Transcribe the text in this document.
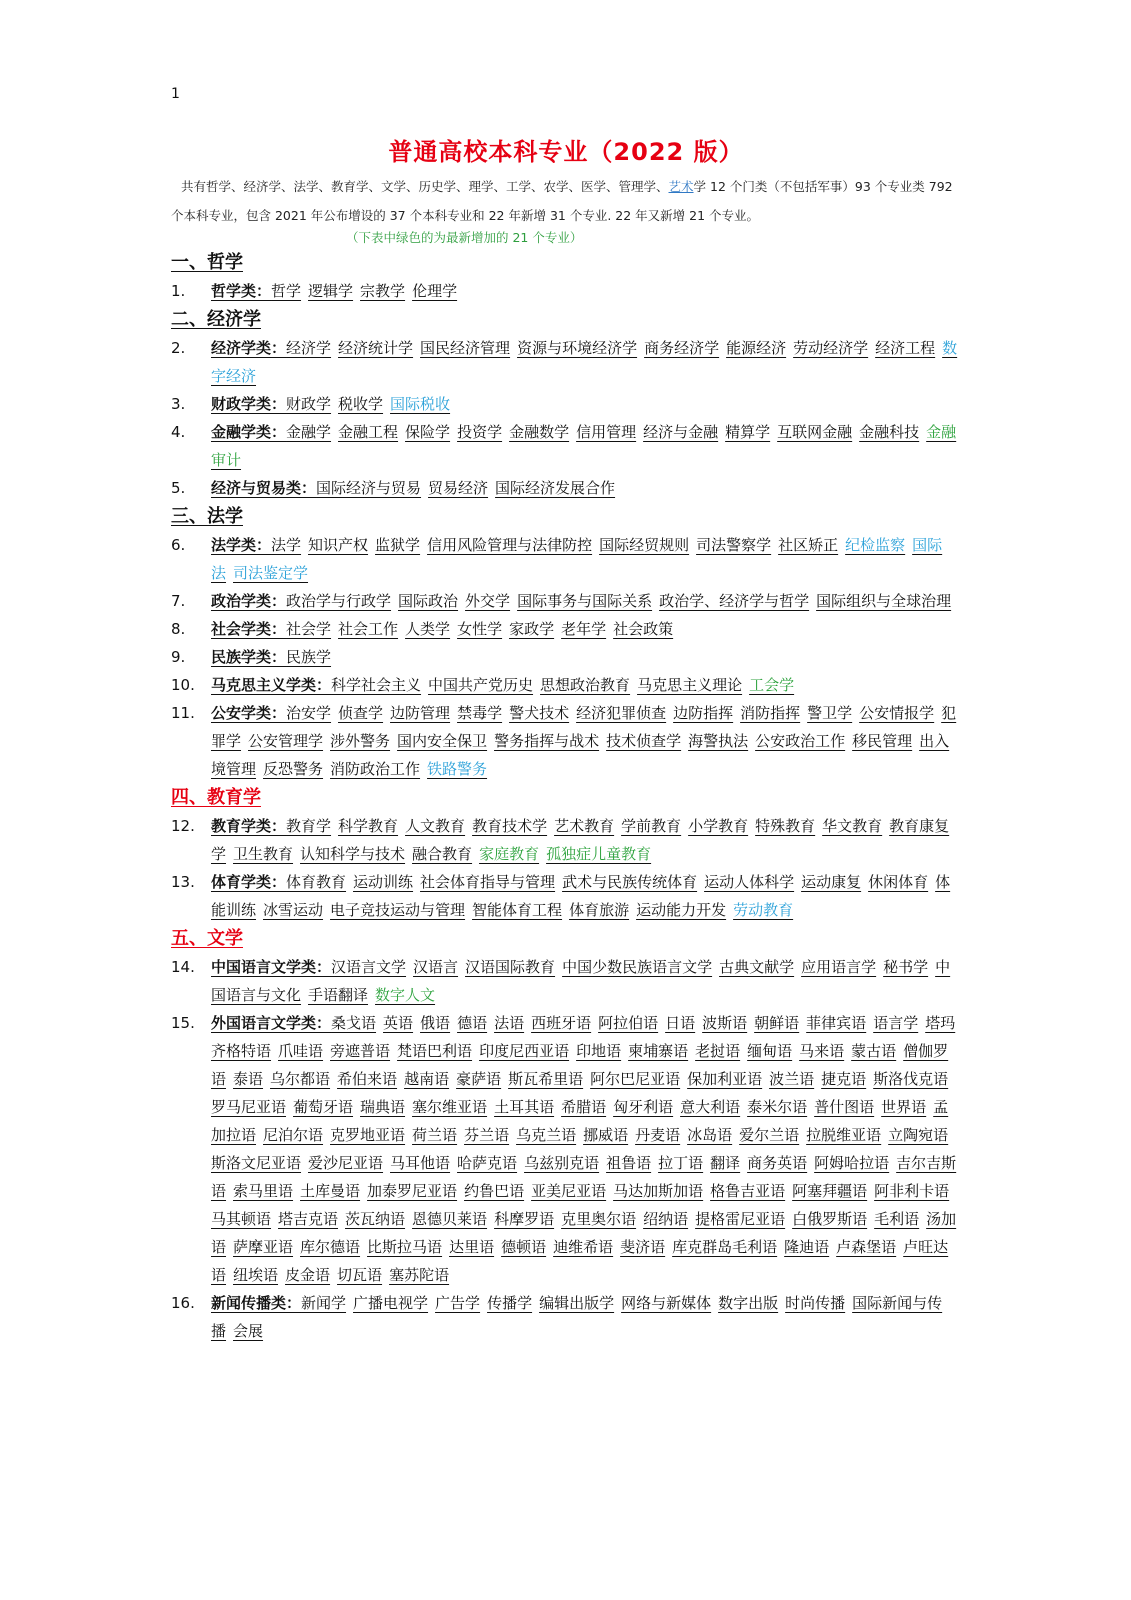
1
普通高校本科专业（2022 版）
共有哲学、经济学、法学、教育学、文学、历史学、理学、工学、农学、医学、管理学、艺术学 12 个门类（不包括军事）93 个专业类 792 个本科专业，包含 2021 年公布增设的 37 个本科专业和 22 年新增 31 个专业. 22 年又新增 21 个专业。
（下表中绿色的为最新增加的 21 个专业）
一、哲学
1.	哲学类：哲学 逻辑学 宗教学 伦理学
二、经济学
2.	经济学类：经济学 经济统计学 国民经济管理 资源与环境经济学 商务经济学 能源经济 劳动经济学 经济工程 数字经济
3.	财政学类：财政学 税收学 国际税收
4.	金融学类：金融学 金融工程 保险学 投资学 金融数学 信用管理 经济与金融 精算学 互联网金融 金融科技 金融审计
5.	经济与贸易类：国际经济与贸易 贸易经济 国际经济发展合作
三、法学
6.	法学类：法学 知识产权 监狱学 信用风险管理与法律防控 国际经贸规则 司法警察学 社区矫正 纪检监察 国际法 司法鉴定学
7.	政治学类：政治学与行政学 国际政治 外交学 国际事务与国际关系 政治学、经济学与哲学 国际组织与全球治理
8.	社会学类：社会学 社会工作 人类学 女性学 家政学 老年学 社会政策
9.	民族学类：民族学
10.	马克思主义学类：科学社会主义 中国共产党历史 思想政治教育 马克思主义理论 工会学
11.	公安学类：治安学 侦查学 边防管理 禁毒学 警犬技术 经济犯罪侦查 边防指挥 消防指挥 警卫学 公安情报学 犯罪学 公安管理学 涉外警务 国内安全保卫 警务指挥与战术 技术侦查学 海警执法 公安政治工作 移民管理 出入境管理 反恐警务 消防政治工作 铁路警务
四、教育学
12.	教育学类：教育学 科学教育 人文教育 教育技术学 艺术教育 学前教育 小学教育 特殊教育 华文教育 教育康复学 卫生教育 认知科学与技术 融合教育 家庭教育 孤独症儿童教育
13.	体育学类：体育教育 运动训练 社会体育指导与管理 武术与民族传统体育 运动人体科学 运动康复 休闲体育 体能训练 冰雪运动 电子竞技运动与管理 智能体育工程 体育旅游 运动能力开发 劳动教育
五、文学
14.	中国语言文学类：汉语言文学 汉语言 汉语国际教育 中国少数民族语言文学 古典文献学 应用语言学 秘书学 中国语言与文化 手语翻译 数字人文
15.	外国语言文学类：桑戈语 英语 俄语 德语 法语 西班牙语 阿拉伯语 日语 波斯语 朝鲜语 菲律宾语 语言学 塔玛齐格特语 爪哇语 旁遮普语 梵语巴利语 印度尼西亚语 印地语 柬埔寨语 老挝语 缅甸语 马来语 蒙古语 僧伽罗语 泰语 乌尔都语 希伯来语 越南语 豪萨语 斯瓦希里语 阿尔巴尼亚语 保加利亚语 波兰语 捷克语 斯洛伐克语罗马尼亚语 葡萄牙语 瑞典语 塞尔维亚语 土耳其语 希腊语 匈牙利语 意大利语 泰米尔语 普什图语 世界语 孟加拉语 尼泊尔语 克罗地亚语 荷兰语 芬兰语 乌克兰语 挪威语 丹麦语 冰岛语 爱尔兰语 拉脱维亚语 立陶宛语斯洛文尼亚语 爱沙尼亚语 马耳他语 哈萨克语 乌兹别克语 祖鲁语 拉丁语 翻译 商务英语 阿姆哈拉语 吉尔吉斯语 索马里语 土库曼语 加泰罗尼亚语 约鲁巴语 亚美尼亚语 马达加斯加语 格鲁吉亚语 阿塞拜疆语 阿非利卡语马其顿语 塔吉克语 茨瓦纳语 恩德贝莱语 科摩罗语 克里奥尔语 绍纳语 提格雷尼亚语 白俄罗斯语 毛利语 汤加语 萨摩亚语 库尔德语 比斯拉马语 达里语 德顿语 迪维希语 斐济语 库克群岛毛利语 隆迪语 卢森堡语 卢旺达语 纽埃语 皮金语 切瓦语 塞苏陀语
16.	新闻传播类：新闻学 广播电视学 广告学 传播学 编辑出版学 网络与新媒体 数字出版 时尚传播 国际新闻与传播 会展
